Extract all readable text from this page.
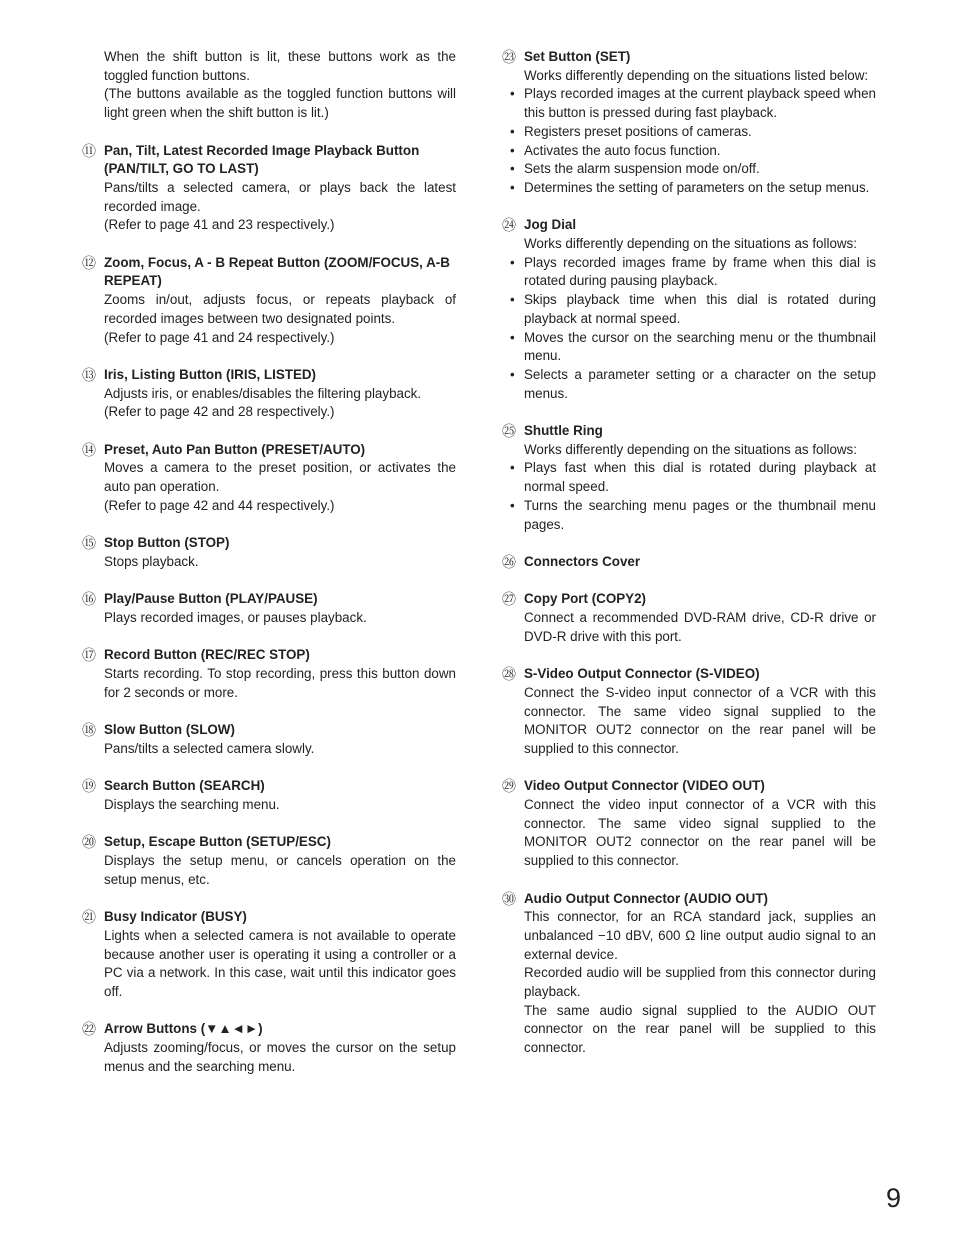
When the shift button is lit, these buttons work as the toggled function buttons.
(The buttons available as the toggled function buttons will light green when the shift button is lit.)
⑪ Pan, Tilt, Latest Recorded Image Playback Button (PAN/TILT, GO TO LAST)
Pans/tilts a selected camera, or plays back the latest recorded image.
(Refer to page 41 and 23 respectively.)
⑫ Zoom, Focus, A - B Repeat Button (ZOOM/FOCUS, A-B REPEAT)
Zooms in/out, adjusts focus, or repeats playback of recorded images between two designated points.
(Refer to page 41 and 24 respectively.)
⑬ Iris, Listing Button (IRIS, LISTED)
Adjusts iris, or enables/disables the filtering playback.
(Refer to page 42 and 28 respectively.)
⑭ Preset, Auto Pan Button (PRESET/AUTO)
Moves a camera to the preset position, or activates the auto pan operation.
(Refer to page 42 and 44 respectively.)
⑮ Stop Button (STOP)
Stops playback.
⑯ Play/Pause Button (PLAY/PAUSE)
Plays recorded images, or pauses playback.
⑰ Record Button (REC/REC STOP)
Starts recording. To stop recording, press this button down for 2 seconds or more.
⑱ Slow Button (SLOW)
Pans/tilts a selected camera slowly.
⑲ Search Button (SEARCH)
Displays the searching menu.
⑳ Setup, Escape Button (SETUP/ESC)
Displays the setup menu, or cancels operation on the setup menus, etc.
㉑ Busy Indicator (BUSY)
Lights when a selected camera is not available to operate because another user is operating it using a controller or a PC via a network. In this case, wait until this indicator goes off.
㉒ Arrow Buttons (▼▲◄►)
Adjusts zooming/focus, or moves the cursor on the setup menus and the searching menu.
㉓ Set Button (SET)
Works differently depending on the situations listed below:
• Plays recorded images at the current playback speed when this button is pressed during fast playback.
• Registers preset positions of cameras.
• Activates the auto focus function.
• Sets the alarm suspension mode on/off.
• Determines the setting of parameters on the setup menus.
㉔ Jog Dial
Works differently depending on the situations as follows:
• Plays recorded images frame by frame when this dial is rotated during pausing playback.
• Skips playback time when this dial is rotated during playback at normal speed.
• Moves the cursor on the searching menu or the thumbnail menu.
• Selects a parameter setting or a character on the setup menus.
㉕ Shuttle Ring
Works differently depending on the situations as follows:
• Plays fast when this dial is rotated during playback at normal speed.
• Turns the searching menu pages or the thumbnail menu pages.
㉖ Connectors Cover
㉗ Copy Port (COPY2)
Connect a recommended DVD-RAM drive, CD-R drive or DVD-R drive with this port.
㉘ S-Video Output Connector (S-VIDEO)
Connect the S-video input connector of a VCR with this connector. The same video signal supplied to the MONITOR OUT2 connector on the rear panel will be supplied to this connector.
㉙ Video Output Connector (VIDEO OUT)
Connect the video input connector of a VCR with this connector. The same video signal supplied to the MONITOR OUT2 connector on the rear panel will be supplied to this connector.
㉚ Audio Output Connector (AUDIO OUT)
This connector, for an RCA standard jack, supplies an unbalanced −10 dBV, 600 Ω line output audio signal to an external device.
Recorded audio will be supplied from this connector during playback.
The same audio signal supplied to the AUDIO OUT connector on the rear panel will be supplied to this connector.
9
